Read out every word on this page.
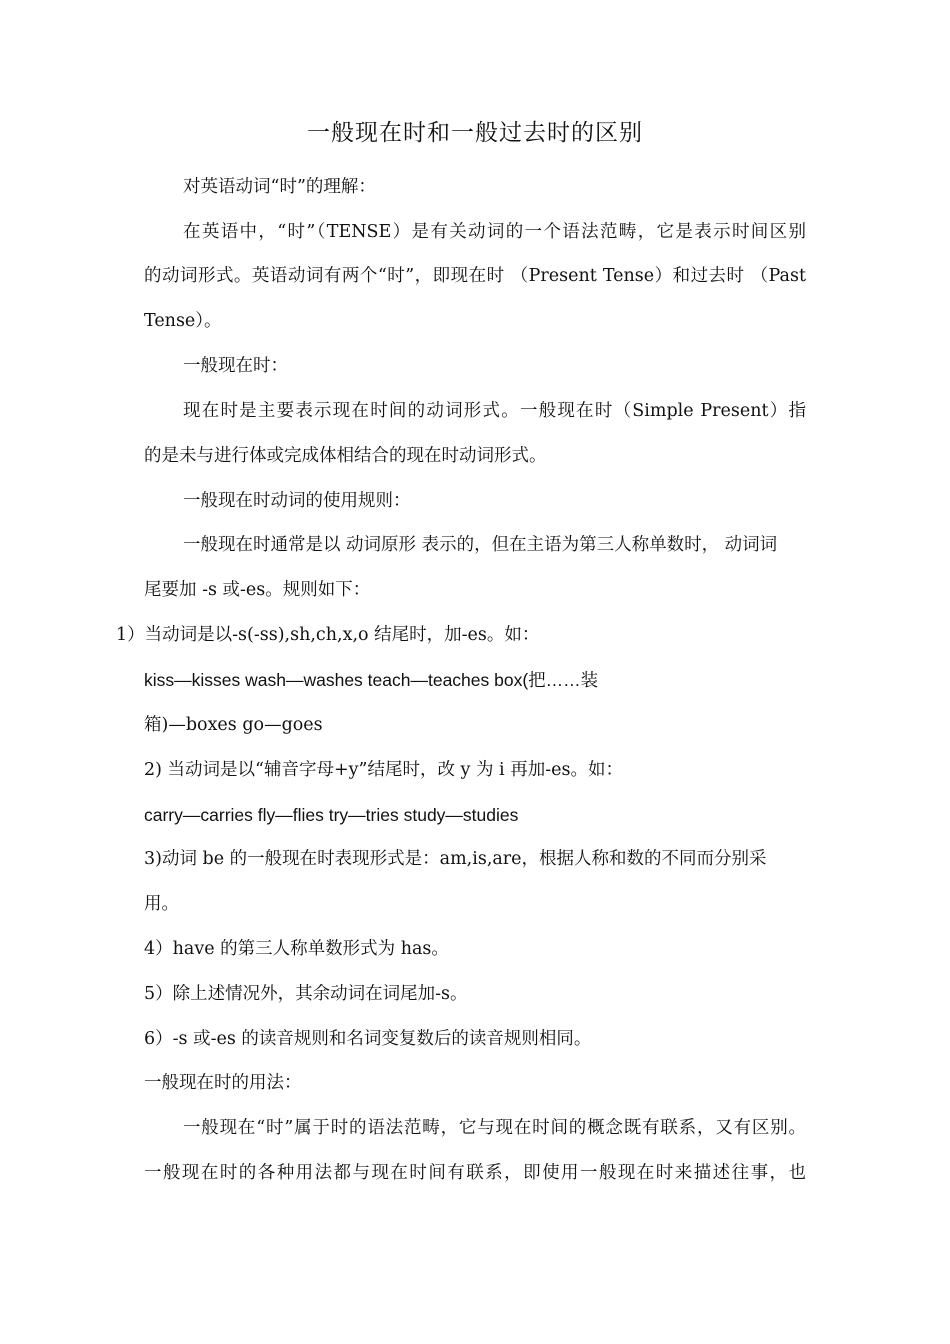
一般现在时和一般过去时的区别
对英语动词“时”的理解：
在英语中，“时”（TENSE）是有关动词的一个语法范畴，它是表示时间区别
的动词形式。英语动词有两个“时”，即现在时 （Present Tense）和过去时 （Past
Tense）。
一般现在时：
现在时是主要表示现在时间的动词形式。一般现在时（Simple Present）指
的是未与进行体或完成体相结合的现在时动词形式。
一般现在时动词的使用规则：
一般现在时通常是以 动词原形 表示的，但在主语为第三人称单数时， 动词词
尾要加 -s 或-es。规则如下：
1）当动词是以-s(-ss),sh,ch,x,o 结尾时，加-es。如：
kiss—kisses wash—washes teach—teaches box(把……装
箱)—boxes go—goes
2) 当动词是以“辅音字母+y”结尾时，改 y 为 i 再加-es。如：
carry—carries fly—flies try—tries study—studies
3)动词 be 的一般现在时表现形式是：am,is,are，根据人称和数的不同而分别采
用。
4）have 的第三人称单数形式为 has。
5）除上述情况外，其余动词在词尾加-s。
6）-s 或-es 的读音规则和名词变复数后的读音规则相同。
一般现在时的用法：
一般现在“时”属于时的语法范畴，它与现在时间的概念既有联系，又有区别。
一般现在时的各种用法都与现在时间有联系，即使用一般现在时来描述往事，也
